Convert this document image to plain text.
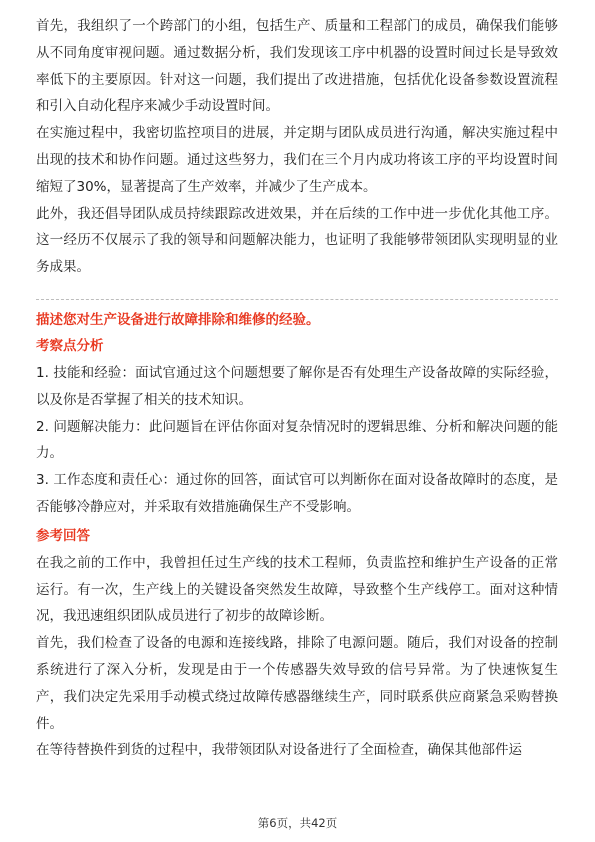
首先，我组织了一个跨部门的小组，包括生产、质量和工程部门的成员，确保我们能够从不同角度审视问题。通过数据分析，我们发现该工序中机器的设置时间过长是导致效率低下的主要原因。针对这一问题，我们提出了改进措施，包括优化设备参数设置流程和引入自动化程序来减少手动设置时间。

在实施过程中，我密切监控项目的进展，并定期与团队成员进行沟通，解决实施过程中出现的技术和协作问题。通过这些努力，我们在三个月内成功将该工序的平均设置时间缩短了30%，显著提高了生产效率，并减少了生产成本。

此外，我还倡导团队成员持续跟踪改进效果，并在后续的工作中进一步优化其他工序。这一经历不仅展示了我的领导和问题解决能力，也证明了我能够带领团队实现明显的业务成果。

描述您对生产设备进行故障排除和维修的经验。

考察点分析

1. 技能和经验：面试官通过这个问题想要了解你是否有处理生产设备故障的实际经验，以及你是否掌握了相关的技术知识。

2. 问题解决能力：此问题旨在评估你面对复杂情况时的逻辑思维、分析和解决问题的能力。

3. 工作态度和责任心：通过你的回答，面试官可以判断你在面对设备故障时的态度，是否能够冷静应对，并采取有效措施确保生产不受影响。

参考回答

在我之前的工作中，我曾担任过生产线的技术工程师，负责监控和维护生产设备的正常运行。有一次，生产线上的关键设备突然发生故障，导致整个生产线停工。面对这种情况，我迅速组织团队成员进行了初步的故障诊断。

首先，我们检查了设备的电源和连接线路，排除了电源问题。随后，我们对设备的控制系统进行了深入分析，发现是由于一个传感器失效导致的信号异常。为了快速恢复生产，我们决定先采用手动模式绕过故障传感器继续生产，同时联系供应商紧急采购替换件。

在等待替换件到货的过程中，我带领团队对设备进行了全面检查，确保其他部件运

第6页，共42页
